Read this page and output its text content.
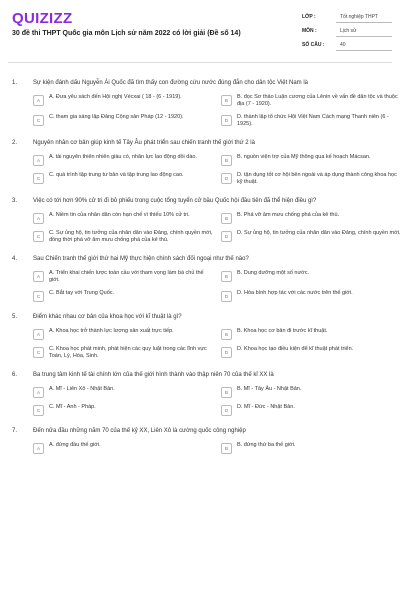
QUIZIZZ
30 đề thi THPT Quốc gia môn Lịch sử năm 2022 có lời giải (Đề số 14)
LỚP :	Tốt nghiệp THPT
MÔN :	Lịch sử
SỐ CÂU :	40
1.	Sự kiện đánh dấu Nguyễn Ái Quốc đã tìm thấy con đường cứu nước đúng đắn cho dân tộc Việt Nam là
A
A. Đưa yêu sách đến Hội nghị Vécxai ( 18 - (6 - 1919).
B
B. đọc Sơ thảo Luận cương của Lênin về vấn đề dân tộc và thuộc địa (7 - 1920).
C
C. tham gia sáng lập Đảng Cộng sản Pháp (12 - 1920).
D
D. thành lập tổ chức Hội Việt Nam Cách mạng Thanh niên (6 - 1925).
2.	Nguyên nhân cơ bản giúp kinh tế Tây Âu phát triển sau chiến tranh thế giới thứ 2 là
A
A. tài nguyên thiên nhiên giàu có, nhân lực lao động dồi dào.
B
B. nguồn viện trợ của Mỹ thông qua kế hoạch Mácsan.
C
C. quá trình tập trung tư bản và tập trung lao động cao.
D
D. tận dụng tốt cơ hội bên ngoài và áp dụng thành công khoa học kỹ thuật.
3.	Việc có tới hơn 90% cử tri đi bỏ phiếu trong cuộc tổng tuyển cử bầu Quốc hội đầu tiên đã thể hiện điều gì?
A
A. Niềm tin của nhân dân còn hạn chế vì thiếu 10% cử tri.
B
B. Phá vỡ âm mưu chống phá của kẻ thù.
C
C. Sự ủng hộ, tin tưởng của nhân dân vào Đảng, chính quyền mới, đồng thời phá vỡ âm mưu chống phá của kẻ thù.
D
D. Sự ủng hộ, tin tưởng của nhân dân vào Đảng, chính quyền mới.
4.	Sau Chiến tranh thế giới thứ hai Mỹ thực hiện chính sách đối ngoại như thế nào?
A
A. Triển khai chiến lược toàn cầu với tham vọng làm bá chủ thế giới.
B
B. Dung dưỡng một số nước.
C
C. Bắt tay với Trung Quốc.
D
D. Hòa bình hợp tác với các nước trên thế giới.
5.	Điểm khác nhau cơ bản của khoa học với kĩ thuật là gì?
A
A. Khoa học trở thành lực lượng sản xuất trực tiếp.
B
B. Khoa học cơ bản đi trước kĩ thuật.
C
C. Khoa học phát minh, phát hiện các quy luật trong các lĩnh vực Toán, Lý, Hóa, Sinh.
D
D. Khoa học tạo điều kiện để kĩ thuật phát triển.
6.	Ba trung tâm kinh tế tài chính lớn của thế giới hình thành vào thập niên 70 của thế kỉ XX là
A
A. Mĩ - Liên Xô - Nhật Bản.
B
B. Mĩ - Tây Âu - Nhật Bản.
C
C. Mĩ - Anh - Pháp.
D
D. Mĩ - Đức - Nhật Bản.
7.	Đến nửa đầu những năm 70 của thế kỷ XX, Liên Xô là cường quốc công nghiệp
A
A. đứng đầu thế giới.
B
B. đứng thứ ba thế giới.
